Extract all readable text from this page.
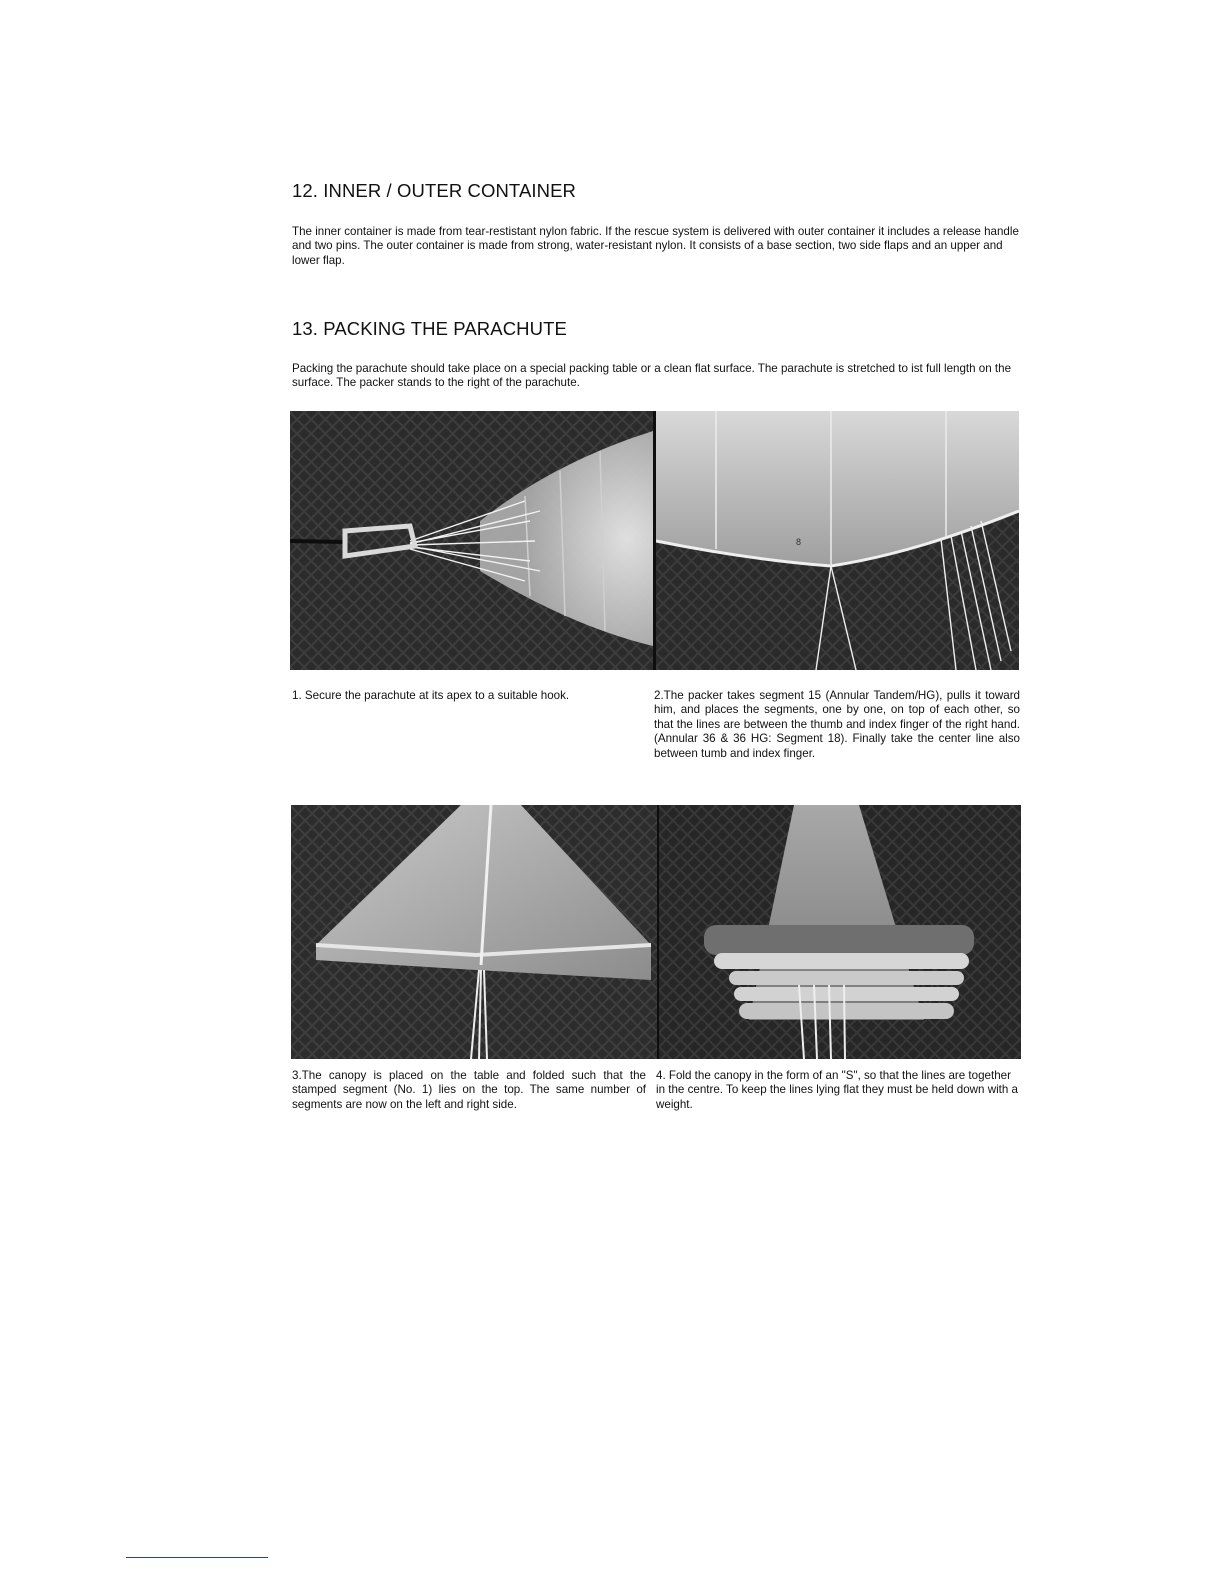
12. INNER / OUTER CONTAINER

The inner container is made from tear-restistant nylon fabric. If the rescue system is delivered with outer container it includes a release handle and two pins. The outer container is made from strong, water-resistant nylon. It consists of a base section, two side flaps and an upper and lower flap.

13. PACKING THE PARACHUTE

Packing the parachute should take place on a special packing table or a clean flat surface. The parachute is stretched to ist full length on the surface. The packer stands to the right of the parachute.

8

1. Secure the parachute at its apex to a suitable hook.	2.The packer takes segment 15 (Annular Tandem/HG), pulls it toward him, and places the segments, one by one, on top of each other, so that the lines are between the thumb and index finger of the right hand. (Annular 36 & 36 HG: Segment 18). Finally take the center line also between tumb and index finger.

3.The canopy is placed on the table and folded such that the stamped segment (No. 1) lies on the top. The same number of segments are now on the left and right side.

4. Fold the canopy in the form of an "S", so that the lines are together in the centre. To keep the lines lying flat they must be held down with a weight.
